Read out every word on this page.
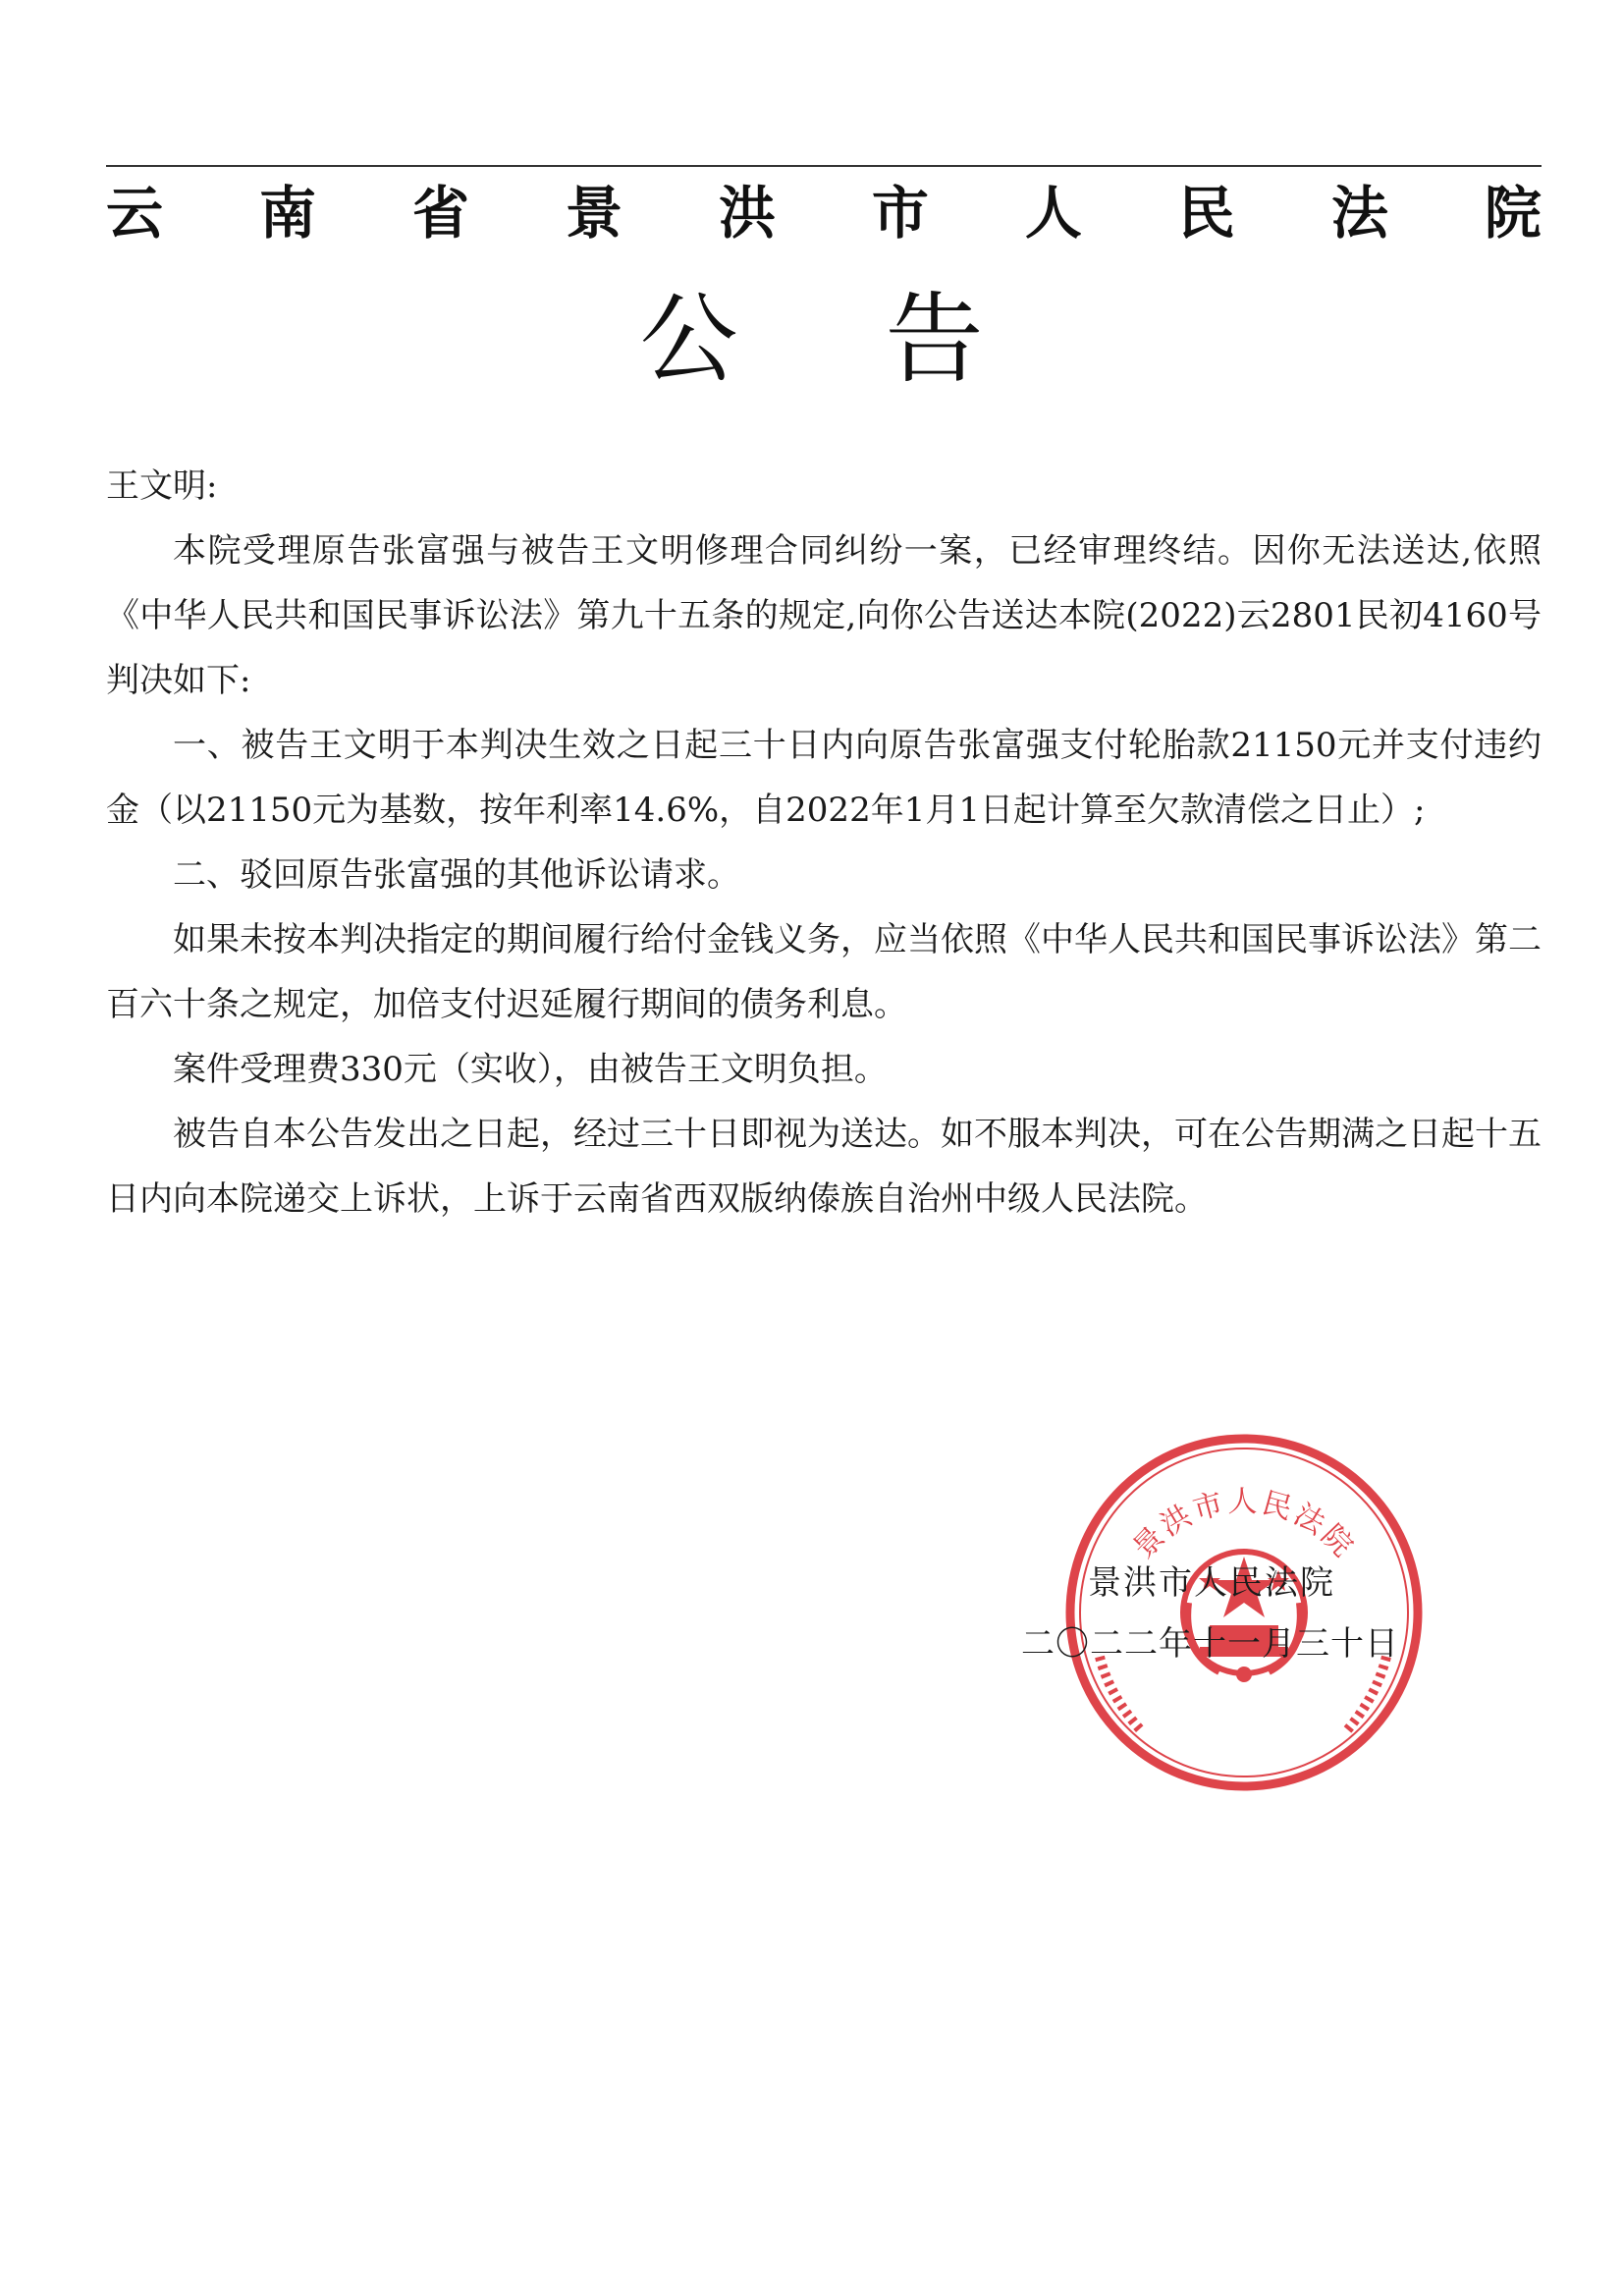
云 南 省 景 洪 市 人 民 法 院
公告

王文明:

本院受理原告张富强与被告王文明修理合同纠纷一案，已经审理终结。因你无法送达,依照《中华人民共和国民事诉讼法》第九十五条的规定,向你公告送达本院(2022)云2801民初4160号判决如下:

一、被告王文明于本判决生效之日起三十日内向原告张富强支付轮胎款21150元并支付违约金（以21150元为基数，按年利率14.6%，自2022年1月1日起计算至欠款清偿之日止）;

二、驳回原告张富强的其他诉讼请求。

如果未按本判决指定的期间履行给付金钱义务，应当依照《中华人民共和国民事诉讼法》第二百六十条之规定，加倍支付迟延履行期间的债务利息。

案件受理费330元（实收），由被告王文明负担。

被告自本公告发出之日起，经过三十日即视为送达。如不服本判决，可在公告期满之日起十五日内向本院递交上诉状，上诉于云南省西双版纳傣族自治州中级人民法院。

景洪市人民法院
景洪市人民法院
二〇二二年十一月三十日
